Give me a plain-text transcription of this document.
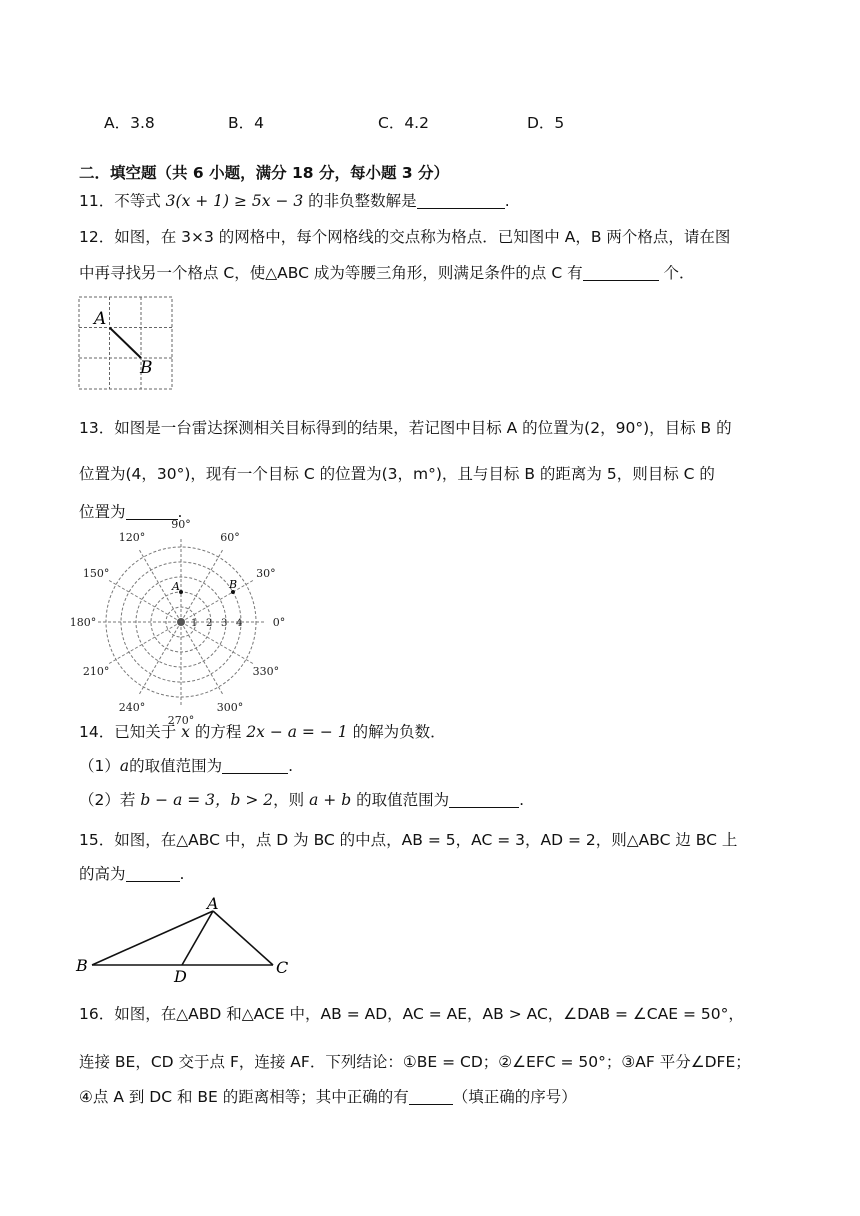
A．3.8	B．4	C．4.2	D．5
二．填空题（共 6 小题，满分 18 分，每小题 3 分）
11．不等式 3(x + 1) ≥ 5x − 3 的非负整数解是	.
12．如图，在 3×3 的网格中，每个网格线的交点称为格点．已知图中 A，B 两个格点，请在图
中再寻找另一个格点 C，使△ABC 成为等腰三角形，则满足条件的点 C 有	个．
A
B
13．如图是一台雷达探测相关目标得到的结果，若记图中目标 A 的位置为(2，90°)，目标 B 的
位置为(4，30°)，现有一个目标 C 的位置为(3，m°)，且与目标 B 的距离为 5，则目标 C 的
位置为	.
90°
60°
30°
0°
330°
300°
270°
240°
210°
180°
150°
120°
A	B
1 2 3 4
14．已知关于 x 的方程 2x − a = − 1 的解为负数．
（1）a的取值范围为	.
（2）若 b − a = 3，b > 2，则 a + b 的取值范围为	.
15．如图，在△ABC 中，点 D 为 BC 的中点，AB = 5，AC = 3，AD = 2，则△ABC 边 BC 上
的高为	.
A
B	C
D
16．如图，在△ABD 和△ACE 中，AB = AD，AC = AE，AB > AC，∠DAB = ∠CAE = 50°，
连接 BE，CD 交于点 F，连接 AF．下列结论：①BE = CD；②∠EFC = 50°；③AF 平分∠DFE；
④点 A 到 DC 和 BE 的距离相等；其中正确的有	（填正确的序号）
